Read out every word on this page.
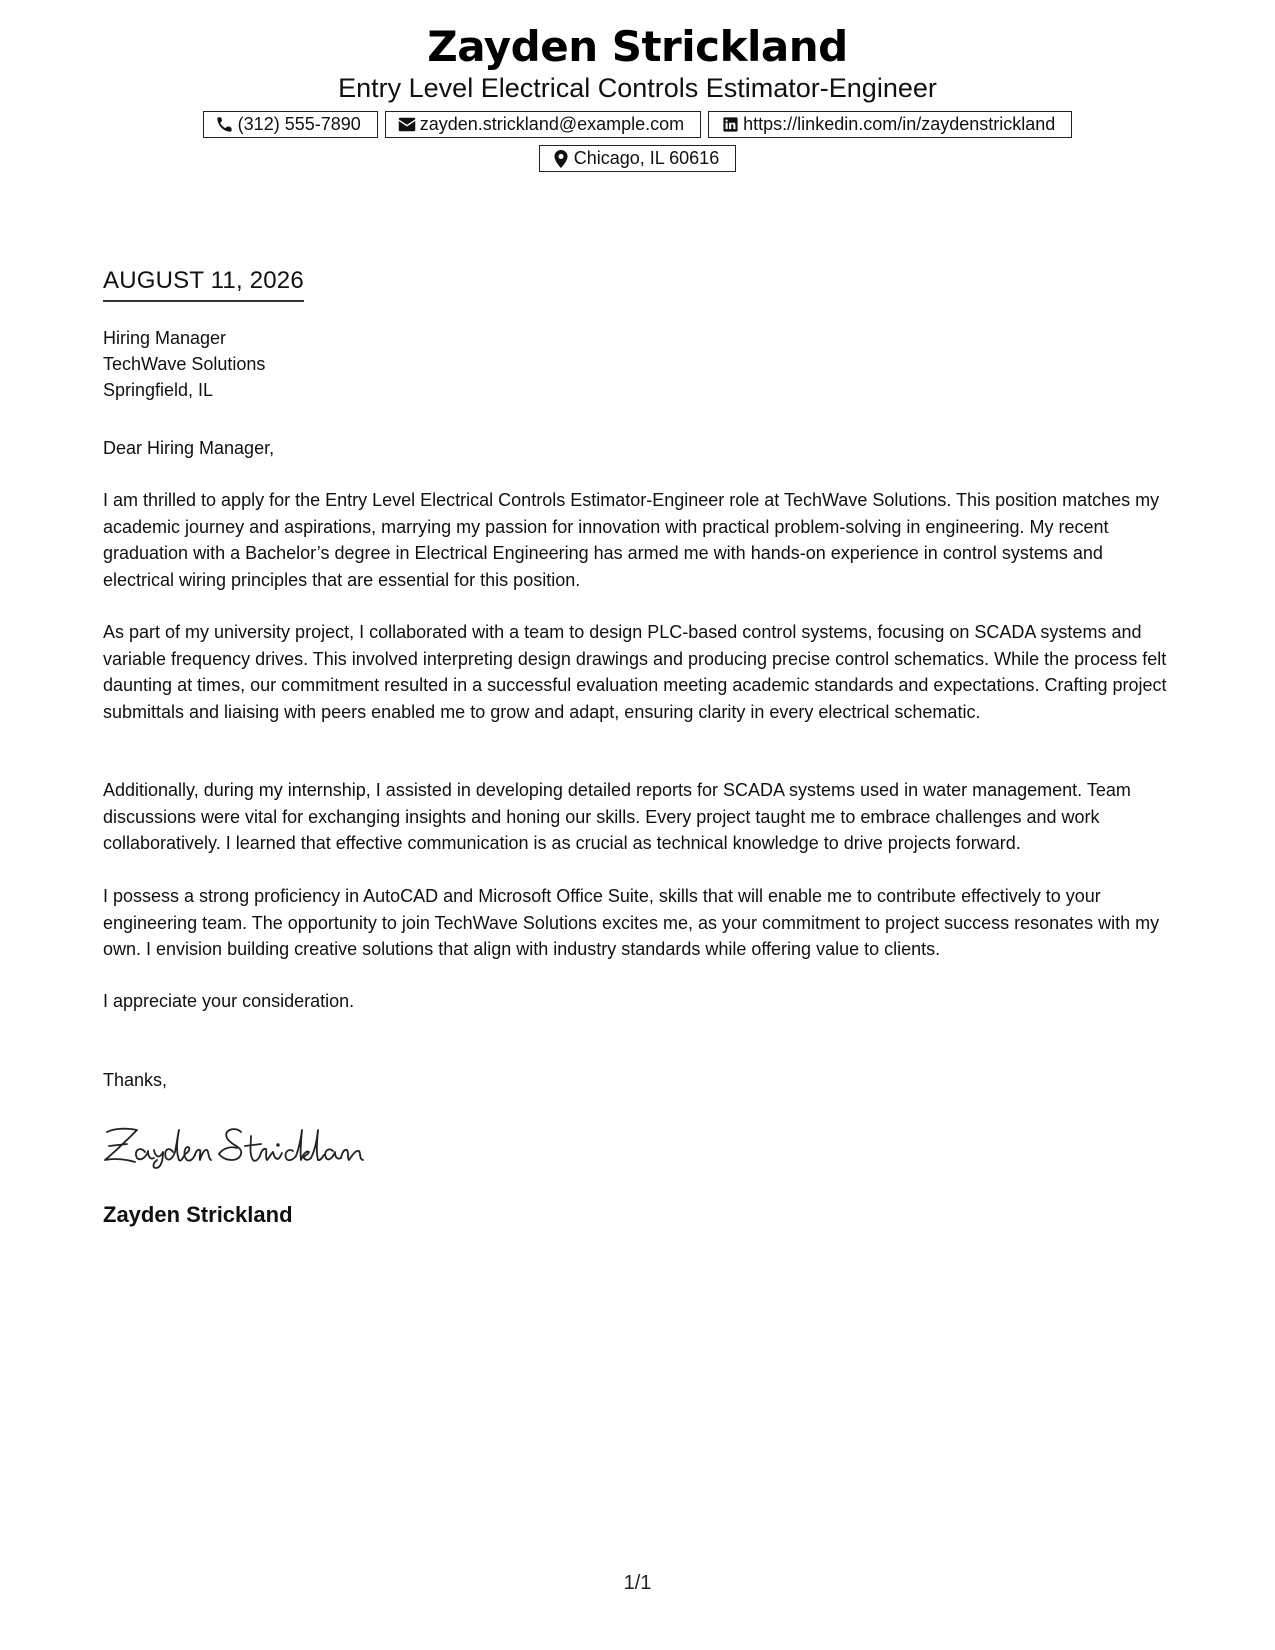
Zayden Strickland
Entry Level Electrical Controls Estimator-Engineer
(312) 555-7890	zayden.strickland@example.com	https://linkedin.com/in/zaydenstrickland
Chicago, IL 60616
AUGUST 11, 2026
Hiring Manager
TechWave Solutions
Springfield, IL
Dear Hiring Manager,
I am thrilled to apply for the Entry Level Electrical Controls Estimator-Engineer role at TechWave Solutions. This position matches my academic journey and aspirations, marrying my passion for innovation with practical problem-solving in engineering. My recent graduation with a Bachelor’s degree in Electrical Engineering has armed me with hands-on experience in control systems and electrical wiring principles that are essential for this position.
As part of my university project, I collaborated with a team to design PLC-based control systems, focusing on SCADA systems and variable frequency drives. This involved interpreting design drawings and producing precise control schematics. While the process felt daunting at times, our commitment resulted in a successful evaluation meeting academic standards and expectations. Crafting project submittals and liaising with peers enabled me to grow and adapt, ensuring clarity in every electrical schematic.
Additionally, during my internship, I assisted in developing detailed reports for SCADA systems used in water management. Team discussions were vital for exchanging insights and honing our skills. Every project taught me to embrace challenges and work collaboratively. I learned that effective communication is as crucial as technical knowledge to drive projects forward.
I possess a strong proficiency in AutoCAD and Microsoft Office Suite, skills that will enable me to contribute effectively to your engineering team. The opportunity to join TechWave Solutions excites me, as your commitment to project success resonates with my own. I envision building creative solutions that align with industry standards while offering value to clients.
I appreciate your consideration.
Thanks,
Zayden Strickland
1/1
